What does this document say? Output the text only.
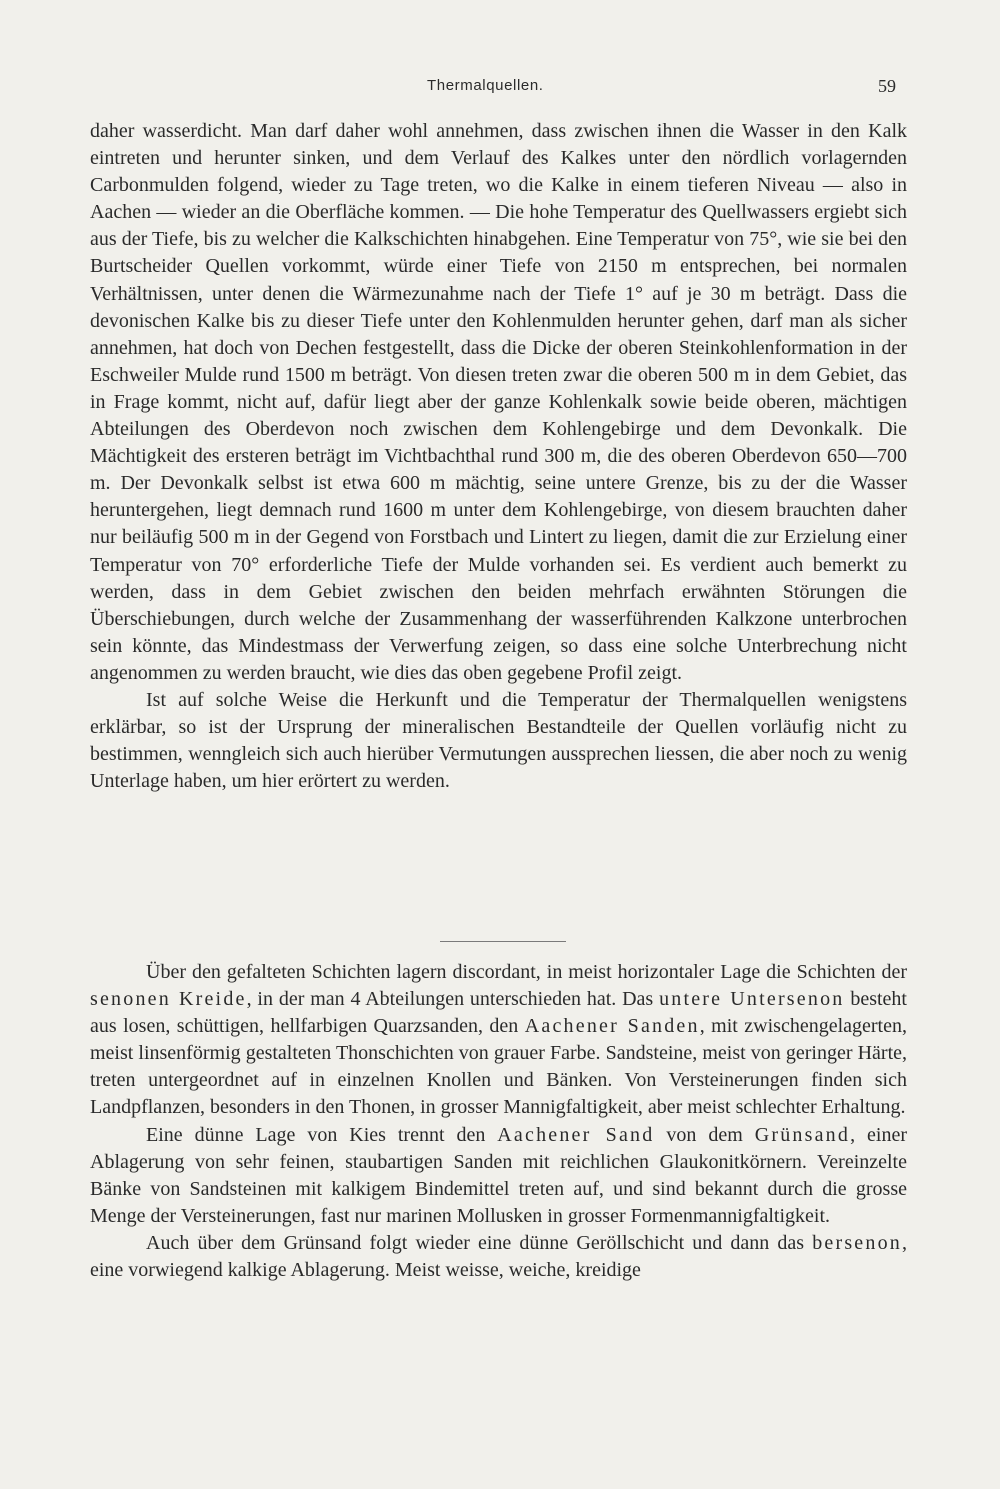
Thermalquellen.	59

daher wasserdicht. Man darf daher wohl annehmen, dass zwischen ihnen die Wasser in den Kalk eintreten und herunter sinken, und dem Verlauf des Kalkes unter den nördlich vorlagernden Carbonmulden folgend, wieder zu Tage treten, wo die Kalke in einem tieferen Niveau — also in Aachen — wieder an die Oberfläche kommen. — Die hohe Temperatur des Quellwassers ergiebt sich aus der Tiefe, bis zu welcher die Kalkschichten hinabgehen. Eine Temperatur von 75°, wie sie bei den Burtscheider Quellen vorkommt, würde einer Tiefe von 2150 m entsprechen, bei normalen Verhältnissen, unter denen die Wärmezunahme nach der Tiefe 1° auf je 30 m beträgt. Dass die devonischen Kalke bis zu dieser Tiefe unter den Kohlenmulden herunter gehen, darf man als sicher annehmen, hat doch von Dechen festgestellt, dass die Dicke der oberen Steinkohlenformation in der Eschweiler Mulde rund 1500 m beträgt. Von diesen treten zwar die oberen 500 m in dem Gebiet, das in Frage kommt, nicht auf, dafür liegt aber der ganze Kohlenkalk sowie beide oberen, mächtigen Abteilungen des Oberdevon noch zwischen dem Kohlengebirge und dem Devonkalk. Die Mächtigkeit des ersteren beträgt im Vichtbachthal rund 300 m, die des oberen Oberdevon 650—700 m. Der Devonkalk selbst ist etwa 600 m mächtig, seine untere Grenze, bis zu der die Wasser heruntergehen, liegt demnach rund 1600 m unter dem Kohlengebirge, von diesem brauchten daher nur beiläufig 500 m in der Gegend von Forstbach und Lintert zu liegen, damit die zur Erzielung einer Temperatur von 70° erforderliche Tiefe der Mulde vorhanden sei. Es verdient auch bemerkt zu werden, dass in dem Gebiet zwischen den beiden mehrfach erwähnten Störungen die Überschiebungen, durch welche der Zusammenhang der wasserführenden Kalkzone unterbrochen sein könnte, das Mindestmass der Verwerfung zeigen, so dass eine solche Unterbrechung nicht angenommen zu werden braucht, wie dies das oben gegebene Profil zeigt.

Ist auf solche Weise die Herkunft und die Temperatur der Thermalquellen wenigstens erklärbar, so ist der Ursprung der mineralischen Bestandteile der Quellen vorläufig nicht zu bestimmen, wenngleich sich auch hierüber Vermutungen aussprechen liessen, die aber noch zu wenig Unterlage haben, um hier erörtert zu werden.

Über den gefalteten Schichten lagern discordant, in meist horizontaler Lage die Schichten der senonen Kreide, in der man 4 Abteilungen unterschieden hat. Das untere Untersenon besteht aus losen, schüttigen, hellfarbigen Quarzsanden, den Aachener Sanden, mit zwischengelagerten, meist linsenförmig gestalteten Thonschichten von grauer Farbe. Sandsteine, meist von geringer Härte, treten untergeordnet auf in einzelnen Knollen und Bänken. Von Versteinerungen finden sich Landpflanzen, besonders in den Thonen, in grosser Mannigfaltigkeit, aber meist schlechter Erhaltung.

Eine dünne Lage von Kies trennt den Aachener Sand von dem Grünsand, einer Ablagerung von sehr feinen, staubartigen Sanden mit reichlichen Glaukonitkörnern. Vereinzelte Bänke von Sandsteinen mit kalkigem Bindemittel treten auf, und sind bekannt durch die grosse Menge der Versteinerungen, fast nur marinen Mollusken in grosser Formenmannigfaltigkeit.

Auch über dem Grünsand folgt wieder eine dünne Geröllschicht und dann das bersenon, eine vorwiegend kalkige Ablagerung. Meist weisse, weiche, kreidige
